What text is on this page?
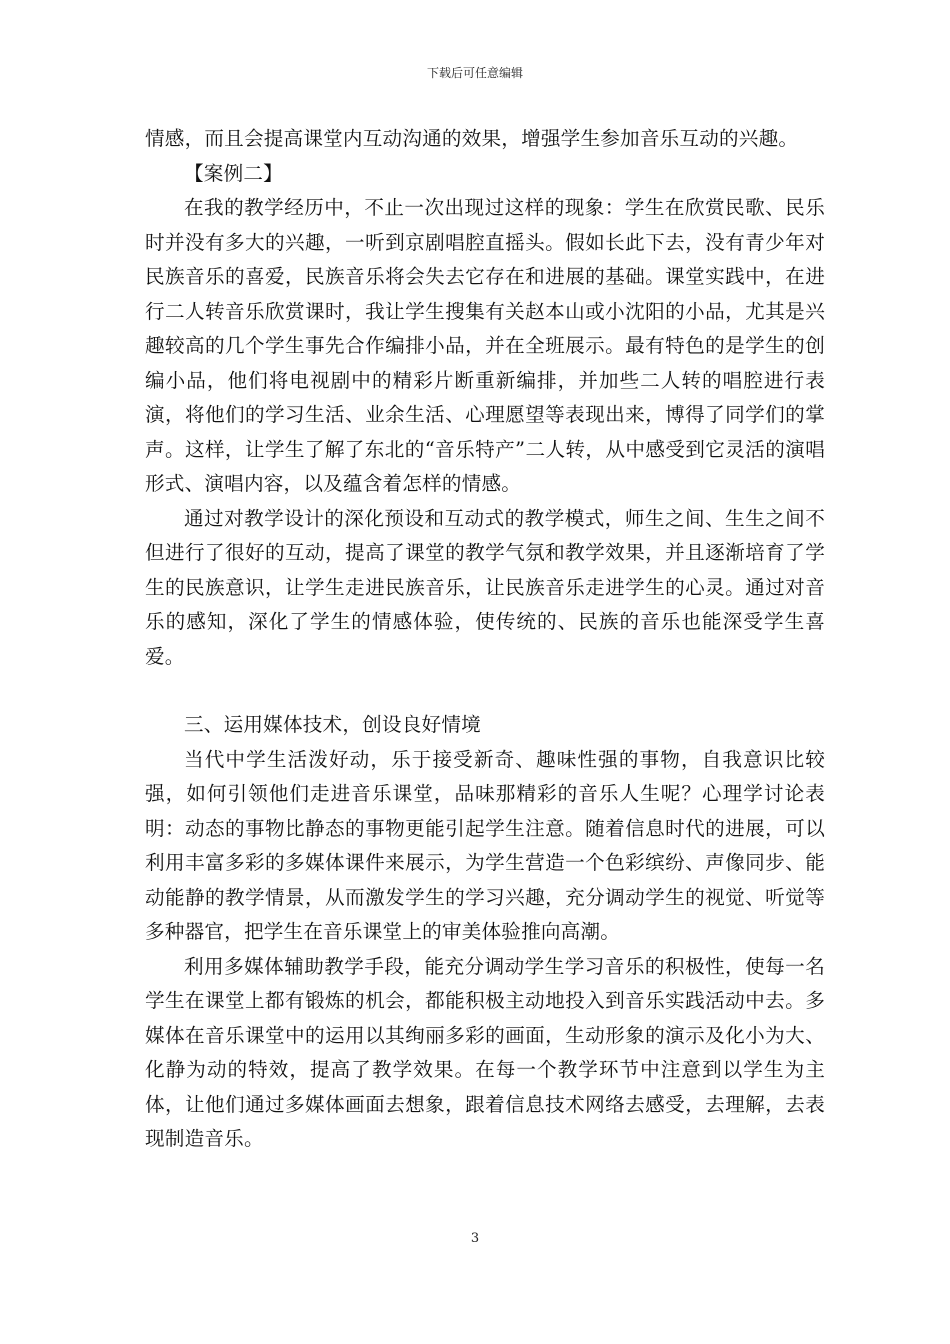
下载后可任意编辑

情感，而且会提高课堂内互动沟通的效果，增强学生参加音乐互动的兴趣。

【案例二】

在我的教学经历中，不止一次出现过这样的现象：学生在欣赏民歌、民乐时并没有多大的兴趣，一听到京剧唱腔直摇头。假如长此下去，没有青少年对民族音乐的喜爱，民族音乐将会失去它存在和进展的基础。课堂实践中，在进行二人转音乐欣赏课时，我让学生搜集有关赵本山或小沈阳的小品，尤其是兴趣较高的几个学生事先合作编排小品，并在全班展示。最有特色的是学生的创编小品，他们将电视剧中的精彩片断重新编排，并加些二人转的唱腔进行表演，将他们的学习生活、业余生活、心理愿望等表现出来，博得了同学们的掌声。这样，让学生了解了东北的“音乐特产”二人转，从中感受到它灵活的演唱形式、演唱内容，以及蕴含着怎样的情感。

通过对教学设计的深化预设和互动式的教学模式，师生之间、生生之间不但进行了很好的互动，提高了课堂的教学气氛和教学效果，并且逐渐培育了学生的民族意识，让学生走进民族音乐，让民族音乐走进学生的心灵。通过对音乐的感知，深化了学生的情感体验，使传统的、民族的音乐也能深受学生喜爱。

三、运用媒体技术，创设良好情境

当代中学生活泼好动，乐于接受新奇、趣味性强的事物，自我意识比较强，如何引领他们走进音乐课堂，品味那精彩的音乐人生呢？心理学讨论表明：动态的事物比静态的事物更能引起学生注意。随着信息时代的进展，可以利用丰富多彩的多媒体课件来展示，为学生营造一个色彩缤纷、声像同步、能动能静的教学情景，从而激发学生的学习兴趣，充分调动学生的视觉、听觉等多种器官，把学生在音乐课堂上的审美体验推向高潮。

利用多媒体辅助教学手段，能充分调动学生学习音乐的积极性，使每一名学生在课堂上都有锻炼的机会，都能积极主动地投入到音乐实践活动中去。多媒体在音乐课堂中的运用以其绚丽多彩的画面，生动形象的演示及化小为大、化静为动的特效，提高了教学效果。在每一个教学环节中注意到以学生为主体，让他们通过多媒体画面去想象，跟着信息技术网络去感受，去理解，去表现制造音乐。

3
